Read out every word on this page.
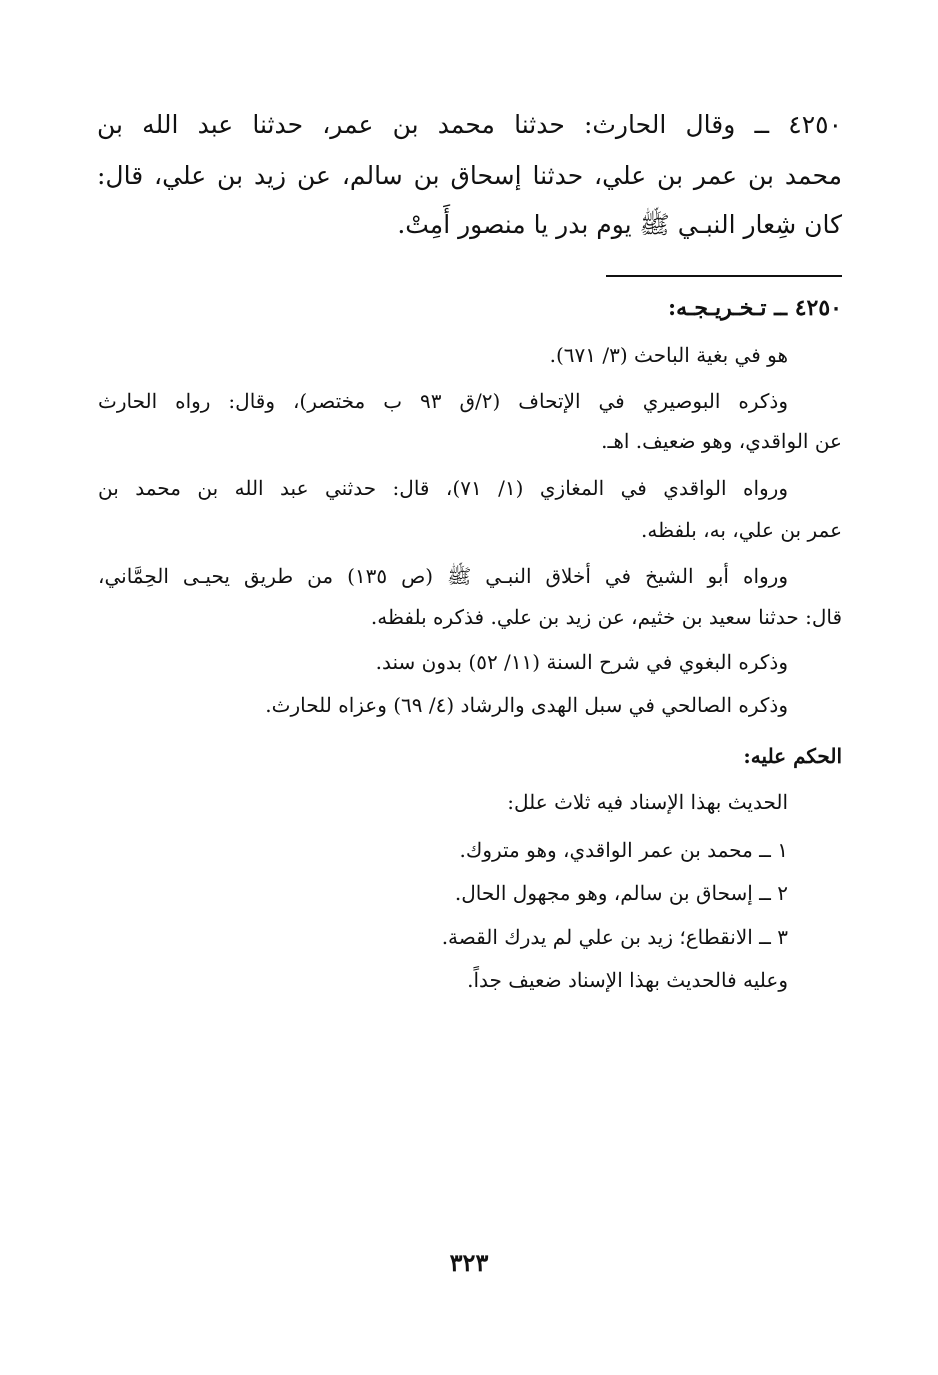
٤٢٥٠ ــ وقال الحارث: حدثنا محمد بن عمر، حدثنا عبد الله بن
محمد بن عمر بن علي، حدثنا إسحاق بن سالم، عن زيد بن علي، قال:
كان شِعار النبـي ﷺ يوم بدر يا منصور أَمِتْ.
٤٢٥٠ ــ تـخـريـجـه:
هو في بغية الباحث (٣/ ٦٧١).
وذكره البوصيري في الإتحاف (٢/ق ٩٣ ب مختصر)، وقال: رواه الحارث
عن الواقدي، وهو ضعيف. اهـ.
ورواه الواقدي في المغازي (١/ ٧١)، قال: حدثني عبد الله بن محمد بن
عمر بن علي، به، بلفظه.
ورواه أبو الشيخ في أخلاق النبـي ﷺ (ص ١٣٥) من طريق يحيـى الحِمَّاني،
قال: حدثنا سعيد بن خثيم، عن زيد بن علي. فذكره بلفظه.
وذكره البغوي في شرح السنة (١١/ ٥٢) بدون سند.
وذكره الصالحي في سبل الهدى والرشاد (٤/ ٦٩) وعزاه للحارث.
الحكم عليه:
الحديث بهذا الإسناد فيه ثلاث علل:
١ ــ محمد بن عمر الواقدي، وهو متروك.
٢ ــ إسحاق بن سالم، وهو مجهول الحال.
٣ ــ الانقطاع؛ زيد بن علي لم يدرك القصة.
وعليه فالحديث بهذا الإسناد ضعيف جداً.
٣٢٣
